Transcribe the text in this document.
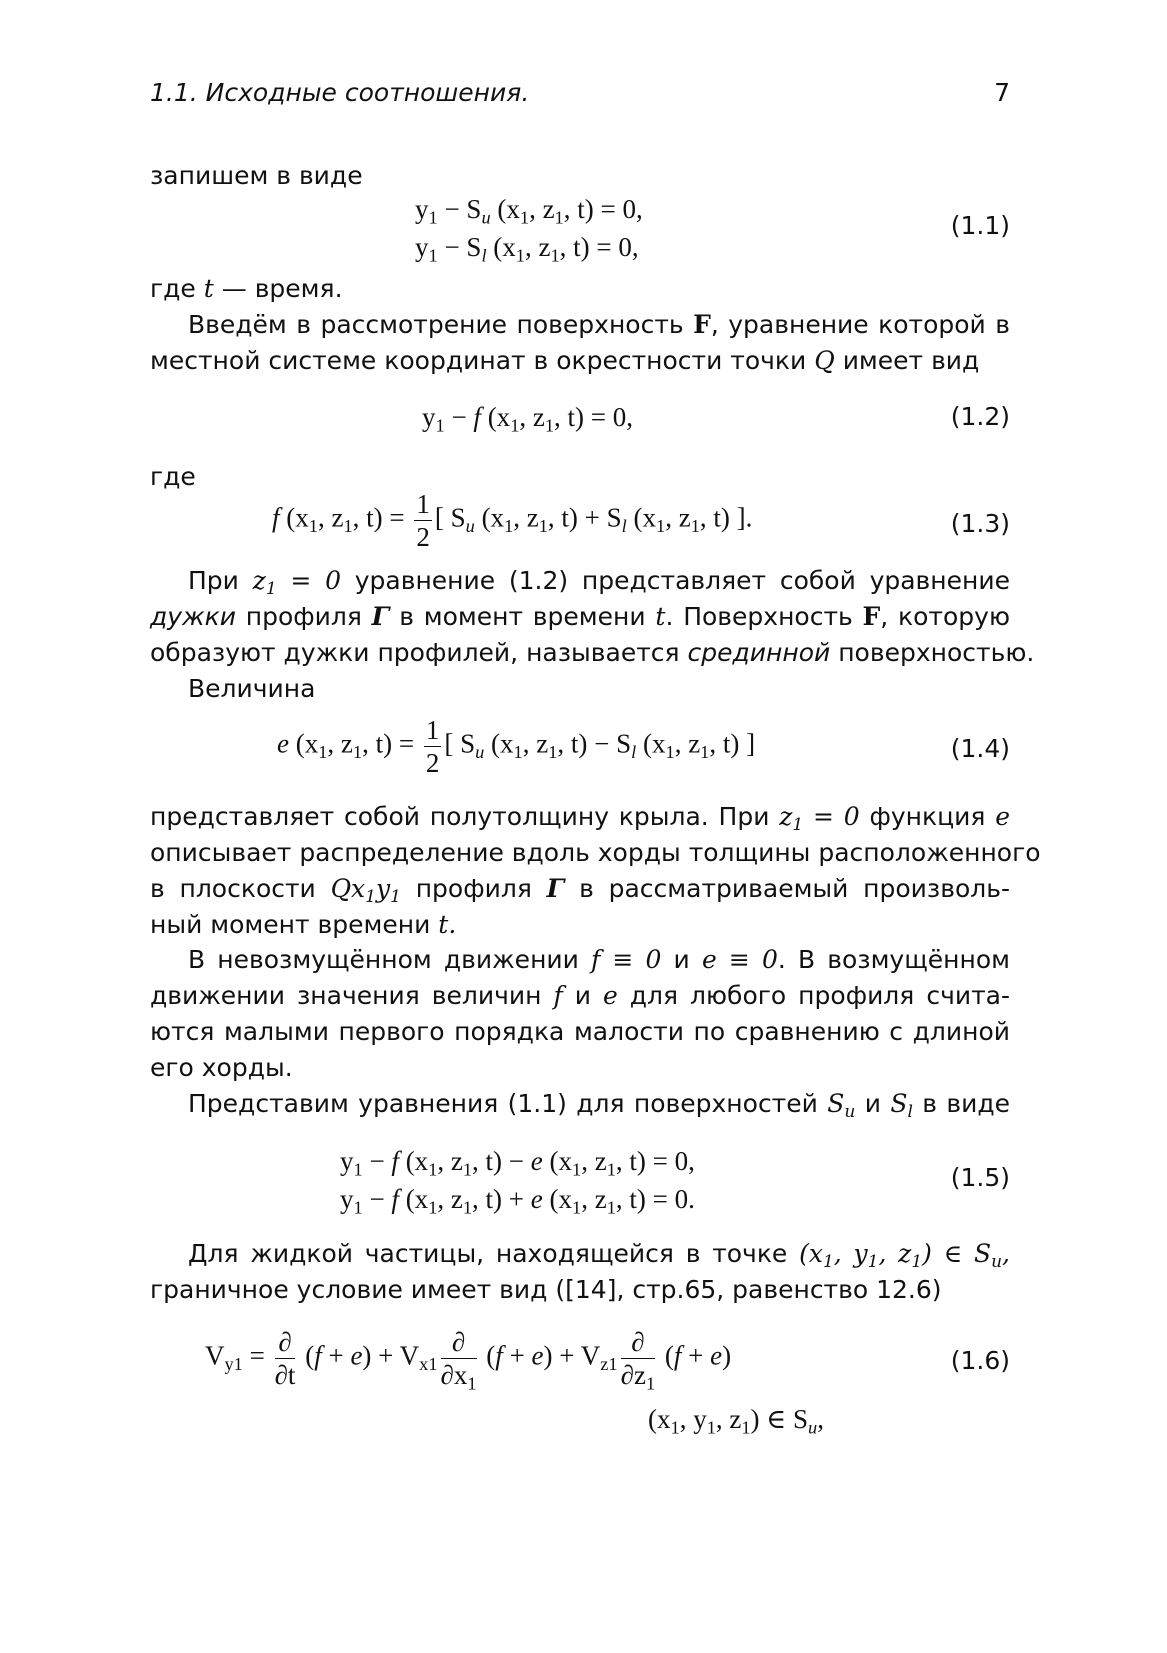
1.1. Исходные соотношения.	7
запишем в виде
$y_1 - S_u$ ($x_1$, $z_1$, t) = 0,
$y_1 - S_l$ ($x_1$, $z_1$, t) = 0,
(1.1)
где t — время.
Введём в рассмотрение поверхность F, уравнение которой в
местной системе координат в окрестности точки Q имеет вид
$y_1 - f$ ($x_1$, $z_1$, t) = 0,	(1.2)
где
f ($x_1$, $z_1$, $t) = \frac{1}{2}$ [ $S_u$ ($x_1$, $z_1$, $t) + S_l$ ($x_1$, $z_1$, t) ].	(1.3)
При $z_1 = 0$ уравнение (1.2) представляет собой уравнение
дужки профиля Γ в момент времени t. Поверхность F, которую
образуют дужки профилей, называется срединной поверхностью.
Величина
e ($x_1$, $z_1$, $t) = \frac{1}{2}$ [ $S_u$ ($x_1$, $z_1$, $t) - S_l$ ($x_1$, $z_1$, t) ]	(1.4)
представляет собой полутолщину крыла. При $z_1 = 0$ функция e
описывает распределение вдоль хорды толщины расположенного
в плоскости $Qx_1y_1$ профиля Γ в рассматриваемый произволь-
ный момент времени t.
В невозмущённом движении f ≡ 0 и e ≡ 0. В возмущённом
движении значения величин f и e для любого профиля счита-
ются малыми первого порядка малости по сравнению с длиной
его хорды.
Представим уравнения (1.1) для поверхностей $S_u$ и $S_l$ в виде
$y_1 - f$ ($x_1$, $z_1$, t) − e ($x_1$, $z_1$, t) = 0,
$y_1 - f$ ($x_1$, $z_1$, t) + e ($x_1$, $z_1$, t) = 0.
(1.5)
Для жидкой частицы, находящейся в точке ($x_1$, $y_1$, $z_1$) ∈ $S_u$,
граничное условие имеет вид ([14], стр.65, равенство 12.6)
$V_{y1} = \frac{\partial}{\partial t} (f + e) + V_{x1} \frac{\partial}{\partial x_1} (f + e) + V_{z1} \frac{\partial}{\partial z_1} (f + e)$	(1.6)
($x_1$, $y_1$, $z_1$) ∈ $S_u$,
